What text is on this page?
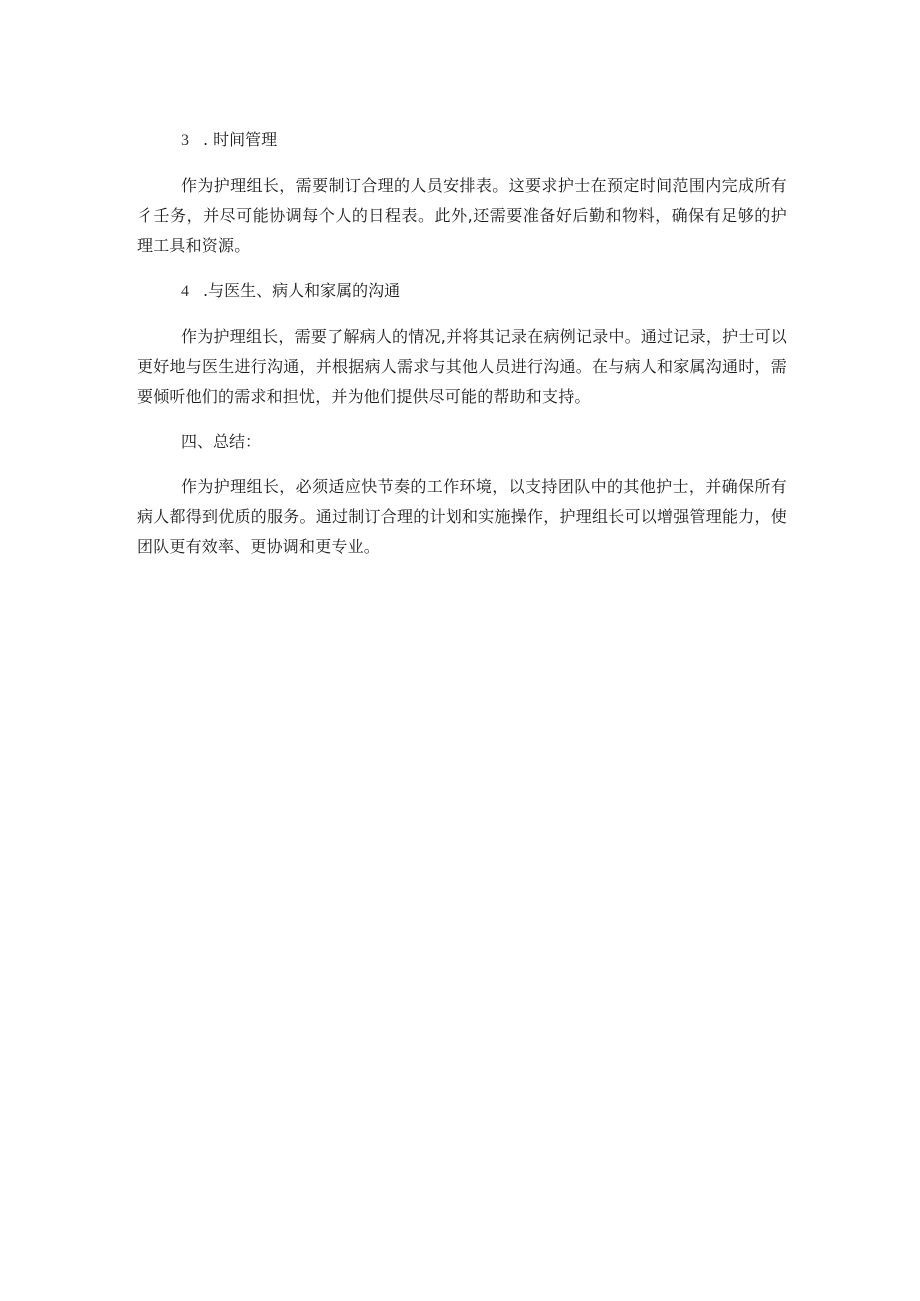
3 . 时间管理

作为护理组长，需要制订合理的人员安排表。这要求护士在预定时间范围内完成所有彳壬务，并尽可能协调每个人的日程表。此外,还需要准备好后勤和物料，确保有足够的护理工具和资源。

4 .与医生、病人和家属的沟通

作为护理组长，需要了解病人的情况,并将其记录在病例记录中。通过记录，护士可以更好地与医生进行沟通，并根据病人需求与其他人员进行沟通。在与病人和家属沟通时，需要倾听他们的需求和担忧，并为他们提供尽可能的帮助和支持。

四、总结：

作为护理组长，必须适应快节奏的工作环境，以支持团队中的其他护士，并确保所有病人都得到优质的服务。通过制订合理的计划和实施操作，护理组长可以增强管理能力，使团队更有效率、更协调和更专业。
